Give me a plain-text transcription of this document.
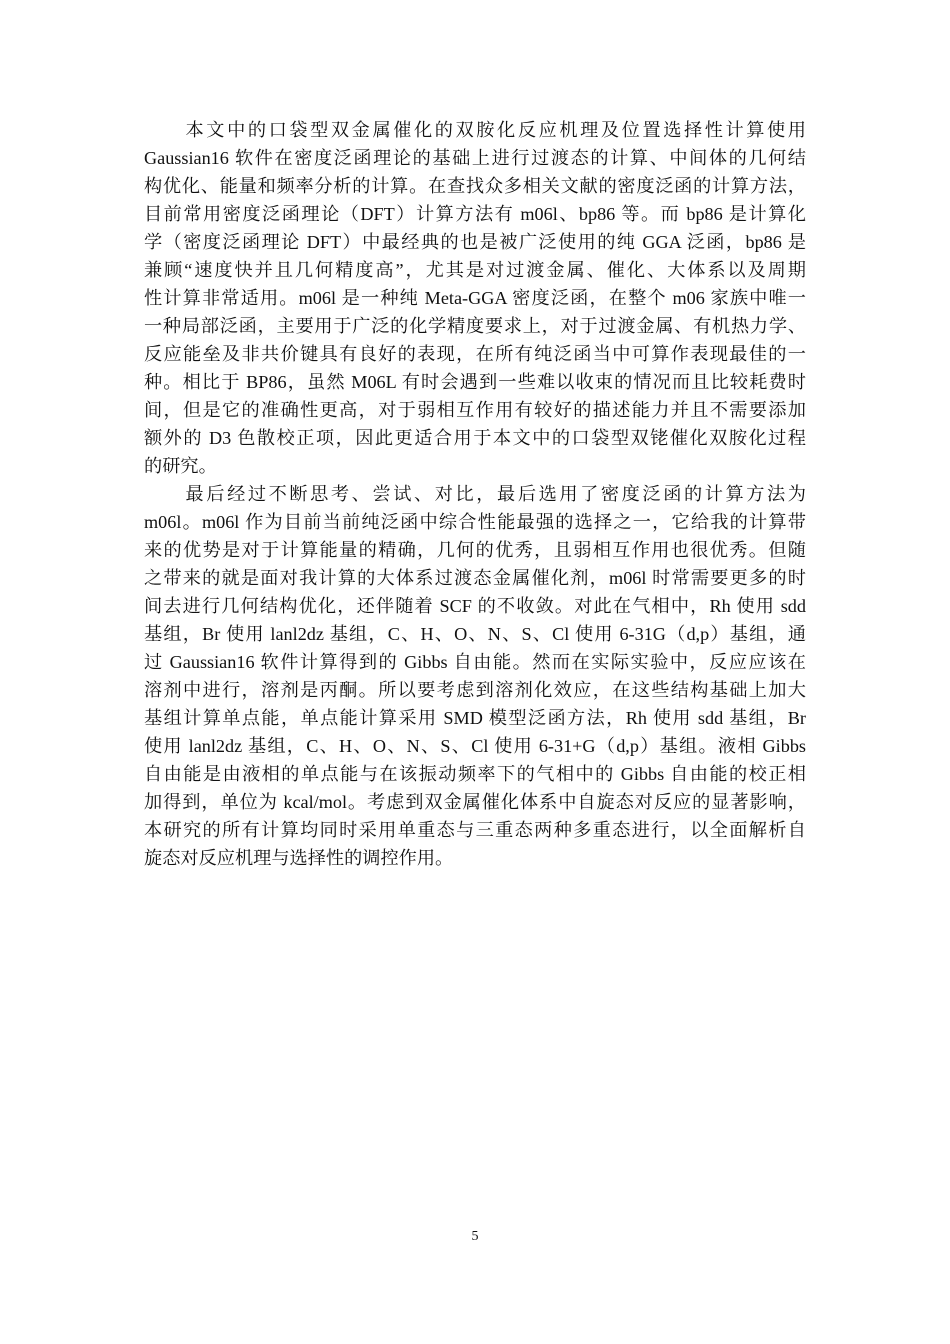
　　本文中的口袋型双金属催化的双胺化反应机理及位置选择性计算使用
Gaussian16 软件在密度泛函理论的基础上进行过渡态的计算、中间体的几何结
构优化、能量和频率分析的计算。在查找众多相关文献的密度泛函的计算方法，
目前常用密度泛函理论（DFT）计算方法有 m06l、bp86 等。而 bp86 是计算化
学（密度泛函理论 DFT）中最经典的也是被广泛使用的纯 GGA 泛函，bp86 是
兼顾“速度快并且几何精度高”，尤其是对过渡金属、催化、大体系以及周期
性计算非常适用。m06l 是一种纯 Meta-GGA 密度泛函，在整个 m06 家族中唯一
一种局部泛函，主要用于广泛的化学精度要求上，对于过渡金属、有机热力学、
反应能垒及非共价键具有良好的表现，在所有纯泛函当中可算作表现最佳的一
种。相比于 BP86，虽然 M06L 有时会遇到一些难以收束的情况而且比较耗费时
间，但是它的准确性更高，对于弱相互作用有较好的描述能力并且不需要添加
额外的 D3 色散校正项，因此更适合用于本文中的口袋型双铑催化双胺化过程
的研究。
　　最后经过不断思考、尝试、对比，最后选用了密度泛函的计算方法为
m06l。m06l 作为目前当前纯泛函中综合性能最强的选择之一，它给我的计算带
来的优势是对于计算能量的精确，几何的优秀，且弱相互作用也很优秀。但随
之带来的就是面对我计算的大体系过渡态金属催化剂，m06l 时常需要更多的时
间去进行几何结构优化，还伴随着 SCF 的不收敛。对此在气相中，Rh 使用 sdd
基组，Br 使用 lanl2dz 基组，C、H、O、N、S、Cl 使用 6-31G（d,p）基组，通
过 Gaussian16 软件计算得到的 Gibbs 自由能。然而在实际实验中，反应应该在
溶剂中进行，溶剂是丙酮。所以要考虑到溶剂化效应，在这些结构基础上加大
基组计算单点能，单点能计算采用 SMD 模型泛函方法，Rh 使用 sdd 基组，Br
使用 lanl2dz 基组，C、H、O、N、S、Cl 使用 6-31+G（d,p）基组。液相 Gibbs
自由能是由液相的单点能与在该振动频率下的气相中的 Gibbs 自由能的校正相
加得到，单位为 kcal/mol。考虑到双金属催化体系中自旋态对反应的显著影响，
本研究的所有计算均同时采用单重态与三重态两种多重态进行，以全面解析自
旋态对反应机理与选择性的调控作用。
5
